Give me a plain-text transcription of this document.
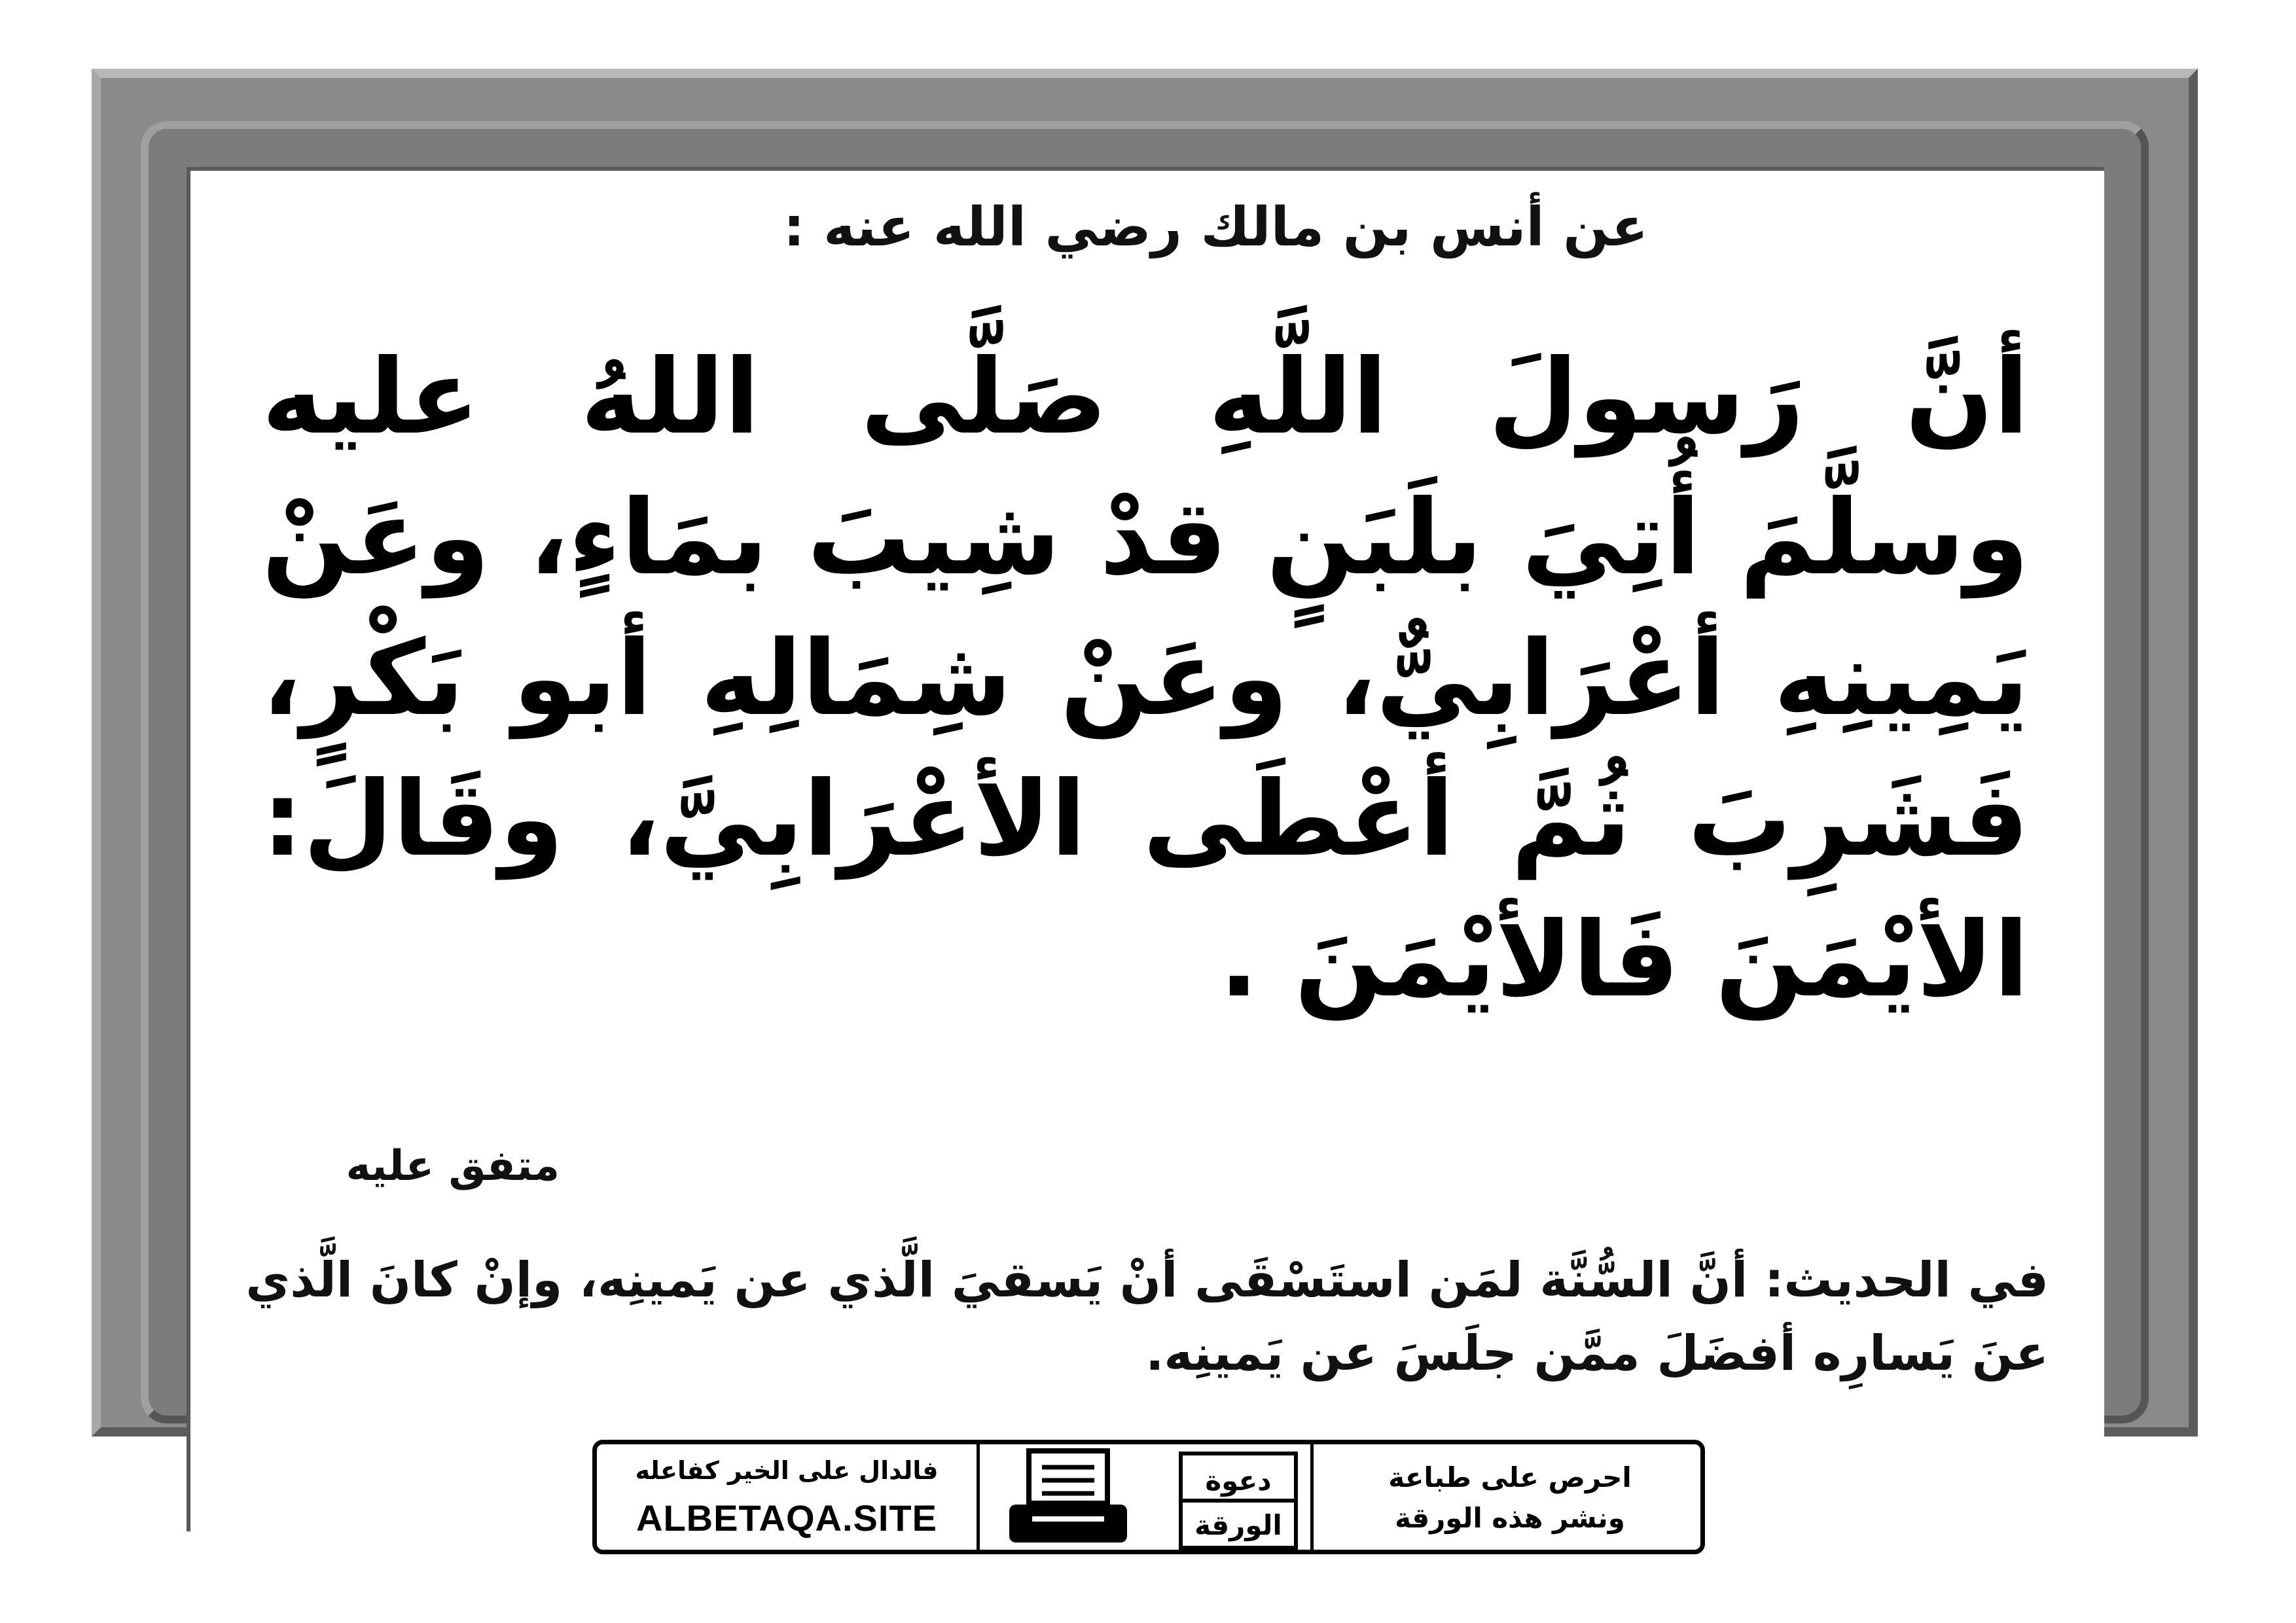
عن أنس بن مالك رضي الله عنه :
أنَّ رَسولَ اللَّهِ صَلَّى اللهُ عليه وسلَّمَ أُتِيَ بلَبَنٍ قدْ شِيبَ بمَاءٍ، وعَنْ يَمِينِهِ أعْرَابِيٌّ، وعَنْ شِمَالِهِ أبو بَكْرٍ، فَشَرِبَ ثُمَّ أعْطَى الأعْرَابِيَّ، وقَالَ: الأيْمَنَ فَالأيْمَنَ .
متفق عليه
في الحديث: أنَّ السُّنَّة لمَن استَسْقَى أنْ يَسقيَ الَّذي عن يَمينِه، وإنْ كانَ الَّذي عنَ يَسارِه أفضَلَ ممَّن جلَسَ عن يَمينِه.
فالدال على الخير كفاعله
ALBETAQA.SITE
دعوة
الورقة
احرص على طباعة
ونشر هذه الورقة
